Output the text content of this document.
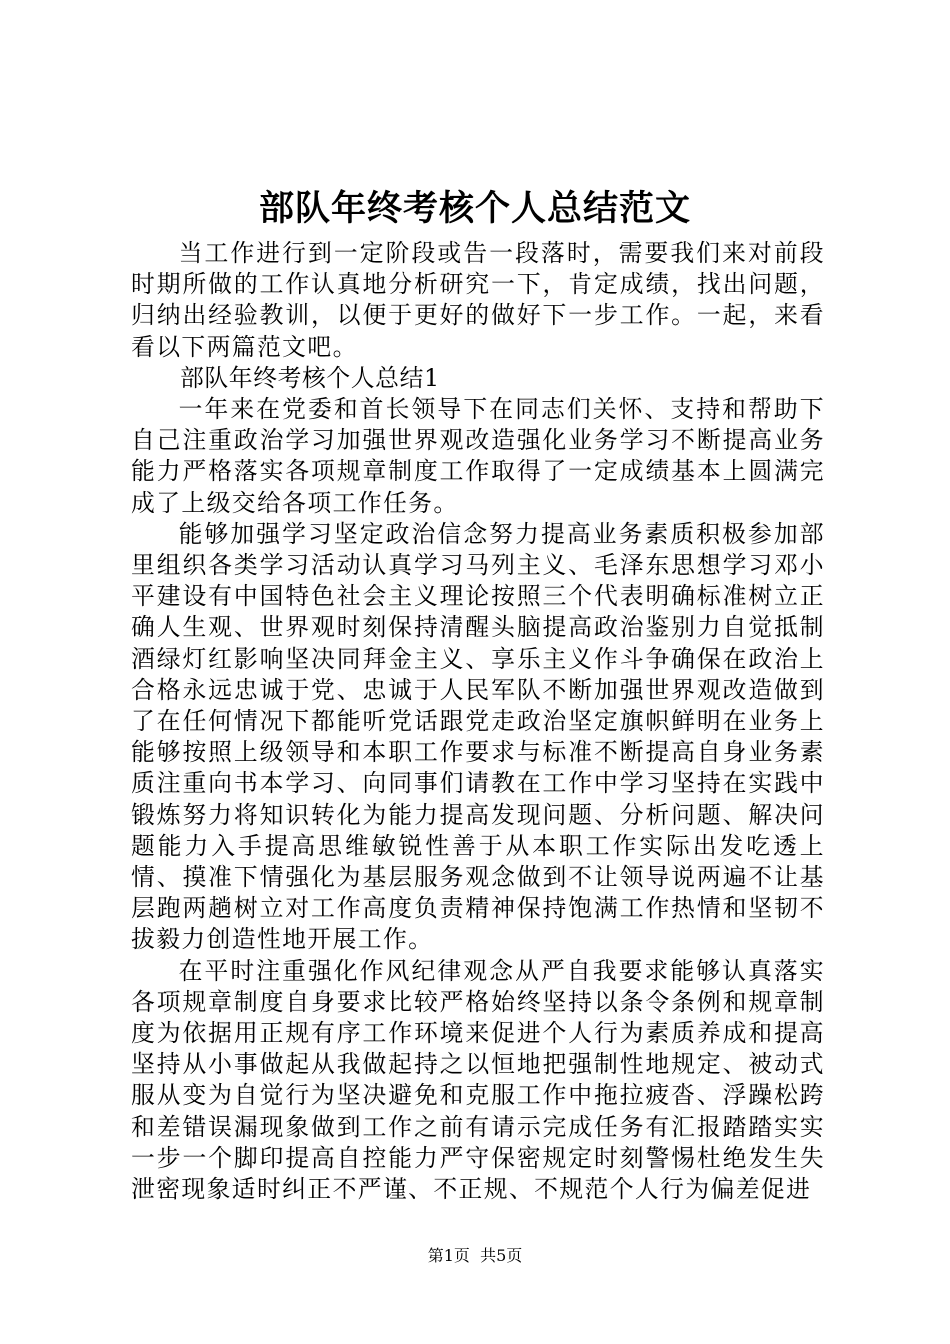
部队年终考核个人总结范文

当工作进行到一定阶段或告一段落时，需要我们来对前段时期所做的工作认真地分析研究一下，肯定成绩，找出问题，归纳出经验教训，以便于更好的做好下一步工作。一起，来看看以下两篇范文吧。

部队年终考核个人总结1

一年来在党委和首长领导下在同志们关怀、支持和帮助下自己注重政治学习加强世界观改造强化业务学习不断提高业务能力严格落实各项规章制度工作取得了一定成绩基本上圆满完成了上级交给各项工作任务。

能够加强学习坚定政治信念努力提高业务素质积极参加部里组织各类学习活动认真学习马列主义、毛泽东思想学习邓小平建设有中国特色社会主义理论按照三个代表明确标准树立正确人生观、世界观时刻保持清醒头脑提高政治鉴别力自觉抵制酒绿灯红影响坚决同拜金主义、享乐主义作斗争确保在政治上合格永远忠诚于党、忠诚于人民军队不断加强世界观改造做到了在任何情况下都能听党话跟党走政治坚定旗帜鲜明在业务上能够按照上级领导和本职工作要求与标准不断提高自身业务素质注重向书本学习、向同事们请教在工作中学习坚持在实践中锻炼努力将知识转化为能力提高发现问题、分析问题、解决问题能力入手提高思维敏锐性善于从本职工作实际出发吃透上情、摸准下情强化为基层服务观念做到不让领导说两遍不让基层跑两趟树立对工作高度负责精神保持饱满工作热情和坚韧不拔毅力创造性地开展工作。

在平时注重强化作风纪律观念从严自我要求能够认真落实各项规章制度自身要求比较严格始终坚持以条令条例和规章制度为依据用正规有序工作环境来促进个人行为素质养成和提高坚持从小事做起从我做起持之以恒地把强制性地规定、被动式服从变为自觉行为坚决避免和克服工作中拖拉疲沓、浮躁松跨和差错误漏现象做到工作之前有请示完成任务有汇报踏踏实实一步一个脚印提高自控能力严守保密规定时刻警惕杜绝发生失泄密现象适时纠正不严谨、不正规、不规范个人行为偏差促进

第1页 共5页
